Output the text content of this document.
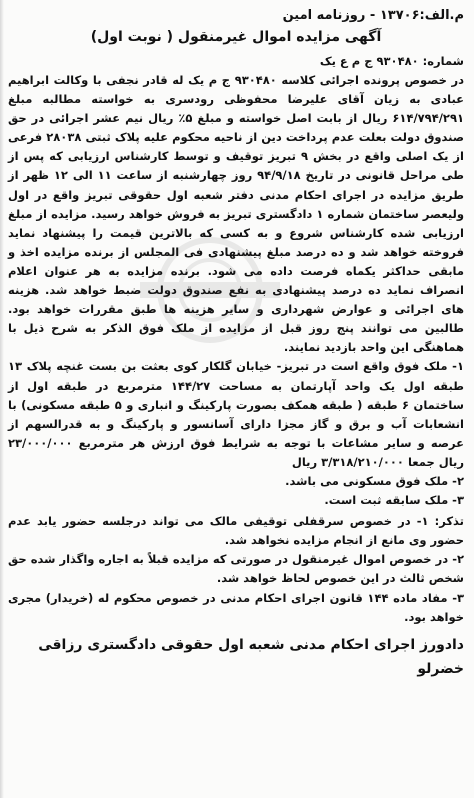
م.الف:۱۳۷۰۶ - روزنامه امین
آگهی مزایده اموال غیرمنقول ( نوبت اول)
شماره: ۹۳۰۴۸۰ ج م ع یک

در خصوص پرونده اجرائی کلاسه ۹۳۰۴۸۰ ج م یک له قادر نجفی با وکالت ابراهیم عبادی به زیان آقای علیرضا محفوظی رودسری به خواسته مطالبه مبلغ ۶۱۴/۷۹۴/۲۹۱ ریال از بابت اصل خواسته و مبلغ ۵٪ ریال نیم عشر اجرائی در حق صندوق دولت بعلت عدم پرداخت دین از ناحیه محکوم علیه پلاک ثبتی ۲۸۰۳۸ فرعی از یک اصلی واقع در بخش ۹ تبریز توقیف و توسط کارشناس ارزیابی که پس از طی مراحل قانونی در تاریخ ۹۴/۹/۱۸ روز چهارشنبه از ساعت ۱۱ الی ۱۲ ظهر از طریق مزایده در اجرای احکام مدنی دفتر شعبه اول حقوقی تبریز واقع در اول ولیعصر ساختمان شماره ۱ دادگستری تبریز به فروش خواهد رسید. مزایده از مبلغ ارزیابی شده کارشناس شروع و به کسی که بالاترین قیمت را پیشنهاد نماید فروخته خواهد شد و ده درصد مبلغ پیشنهادی فی المجلس از برنده مزایده اخذ و مابقی حداکثر یکماه فرصت داده می شود. برنده مزایده به هر عنوان اعلام انصراف نماید ده درصد پیشنهادی به نفع صندوق دولت ضبط خواهد شد. هزینه های اجرائی و عوارض شهرداری و سایر هزینه ها طبق مقررات خواهد بود. طالبین می توانند پنج روز قبل از مزایده از ملک فوق الذکر به شرح ذیل با هماهنگی این واحد بازدید نمایند.

۱- ملک فوق واقع است در تبریز- خیابان گلکار کوی بعثت بن بست غنچه پلاک ۱۳ طبقه اول یک واحد آپارتمان به مساحت ۱۴۴/۲۷ مترمربع در طبقه اول از ساختمان ۶ طبقه ( طبقه همکف بصورت پارکینگ و انباری و ۵ طبقه مسکونی) با انشعابات آب و برق و گاز مجزا دارای آسانسور و پارکینگ و به قدرالسهم از عرصه و سایر مشاعات با توجه به شرایط فوق ارزش هر مترمربع ۲۳/۰۰۰/۰۰۰ ریال جمعا ۳/۳۱۸/۲۱۰/۰۰۰ ریال

۲- ملک فوق مسکونی می باشد.

۳- ملک سابقه ثبت است.

تذکر: ۱- در خصوص سرقفلی توقیفی مالک می تواند درجلسه حضور یابد عدم حضور وی مانع از انجام مزایده نخواهد شد.

۲- در خصوص اموال غیرمنقول در صورتی که مزایده قبلاً به اجاره واگذار شده حق شخص ثالث در این خصوص لحاظ خواهد شد.

۳- مفاد ماده ۱۴۴ قانون اجرای احکام مدنی در خصوص محکوم له (خریدار) مجری خواهد بود.

دادورز اجرای احکام مدنی شعبه اول حقوقی دادگستری رزاقی خضرلو
